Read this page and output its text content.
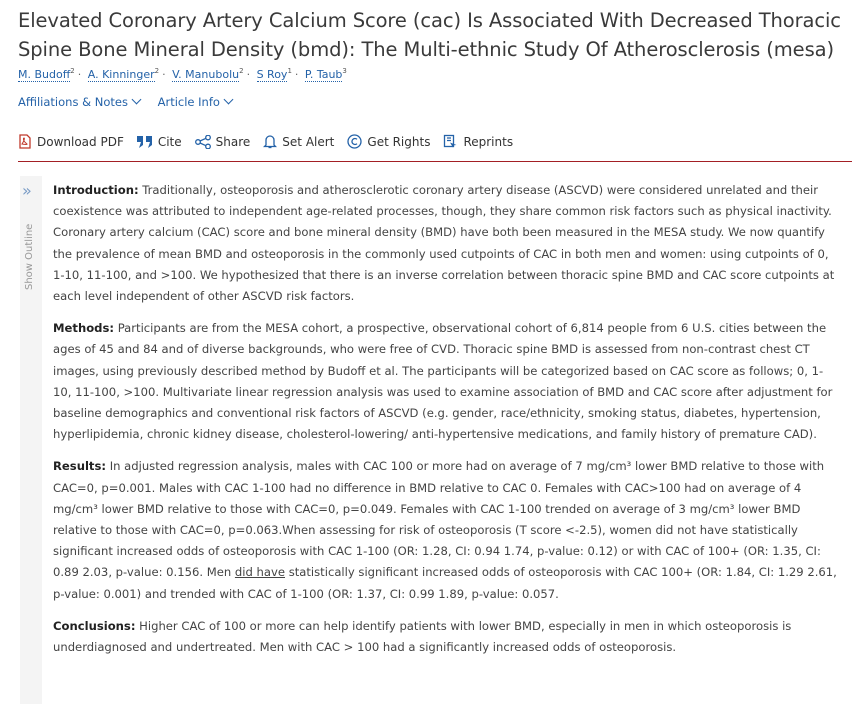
Elevated Coronary Artery Calcium Score (cac) Is Associated With Decreased Thoracic Spine Bone Mineral Density (bmd): The Multi-ethnic Study Of Atherosclerosis (mesa)
M. Budoff$^2$ · A. Kinninger$^2$ · V. Manubolu$^2$ · S Roy$^1$ · P. Taub$^3$
Affiliations & Notes	Article Info
Download PDF	Cite	Share	Set Alert	Get Rights	Reprints
» Introduction: Traditionally, osteoporosis and atherosclerotic coronary artery disease (ASCVD) were considered unrelated and their coexistence was attributed to independent age-related processes, though, they share common risk factors such as physical inactivity. Coronary artery calcium (CAC) score and bone mineral density (BMD) have both been measured in the MESA study. We now quantify the prevalence of mean BMD and osteoporosis in the commonly used cutpoints of CAC in both men and women: using cutpoints of 0, 1-10, 11-100, and >100. We hypothesized that there is an inverse correlation between thoracic spine BMD and CAC score cutpoints at each level independent of other ASCVD risk factors.

Methods: Participants are from the MESA cohort, a prospective, observational cohort of 6,814 people from 6 U.S. cities between the ages of 45 and 84 and of diverse backgrounds, who were free of CVD. Thoracic spine BMD is assessed from non-contrast chest CT images, using previously described method by Budoff et al. The participants will be categorized based on CAC score as follows; 0, 1-10, 11-100, >100. Multivariate linear regression analysis was used to examine association of BMD and CAC score after adjustment for baseline demographics and conventional risk factors of ASCVD (e.g. gender, race/ethnicity, smoking status, diabetes, hypertension, hyperlipidemia, chronic kidney disease, cholesterol-lowering/ anti-hypertensive medications, and family history of premature CAD).

Results: In adjusted regression analysis, males with CAC 100 or more had on average of 7 mg/cm³ lower BMD relative to those with CAC=0, p=0.001. Males with CAC 1-100 had no difference in BMD relative to CAC 0. Females with CAC>100 had on average of 4 mg/cm³ lower BMD relative to those with CAC=0, p=0.049. Females with CAC 1-100 trended on average of 3 mg/cm³ lower BMD relative to those with CAC=0, p=0.063.When assessing for risk of osteoporosis (T score <-2.5), women did not have statistically significant increased odds of osteoporosis with CAC 1-100 (OR: 1.28, CI: 0.94 1.74, p-value: 0.12) or with CAC of 100+ (OR: 1.35, CI: 0.89 2.03, p-value: 0.156. Men did have statistically significant increased odds of osteoporosis with CAC 100+ (OR: 1.84, CI: 1.29 2.61, p-value: 0.001) and trended with CAC of 1-100 (OR: 1.37, CI: 0.99 1.89, p-value: 0.057.

Conclusions: Higher CAC of 100 or more can help identify patients with lower BMD, especially in men in which osteoporosis is underdiagnosed and undertreated. Men with CAC > 100 had a significantly increased odds of osteoporosis.
